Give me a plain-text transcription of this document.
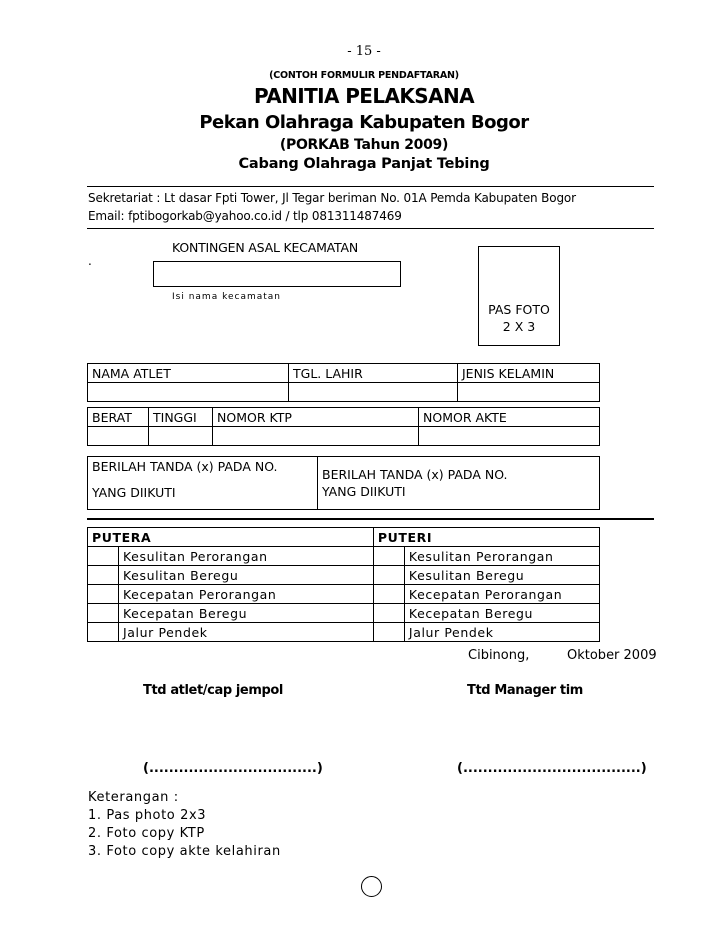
- 15 -
(CONTOH FORMULIR PENDAFTARAN)
PANITIA PELAKSANA
Pekan Olahraga Kabupaten Bogor
(PORKAB Tahun 2009)
Cabang Olahraga Panjat Tebing
Sekretariat : Lt dasar Fpti Tower, Jl Tegar beriman No. 01A Pemda Kabupaten Bogor
Email: fptibogorkab@yahoo.co.id / tlp 081311487469
KONTINGEN ASAL KECAMATAN
.
Isi nama kecamatan
PAS FOTO
2 X 3
NAMA ATLET	TGL. LAHIR	JENIS KELAMIN

BERAT	TINGGI	NOMOR KTP	NOMOR AKTE

BERILAH TANDA (x) PADA NO.
YANG DIIKUTI
BERILAH TANDA (x) PADA NO.
YANG DIIKUTI
PUTERA		PUTERI	
	Kesulitan Perorangan		Kesulitan Perorangan
	Kesulitan Beregu		Kesulitan Beregu
	Kecepatan Perorangan		Kecepatan Perorangan
	Kecepatan Beregu		Kecepatan Beregu
	Jalur Pendek		Jalur Pendek
Cibinong,	Oktober 2009
Ttd atlet/cap jempol	Ttd Manager tim
(..................................)	(....................................)
Keterangan :
1. Pas photo 2x3
2. Foto copy KTP
3. Foto copy akte kelahiran
